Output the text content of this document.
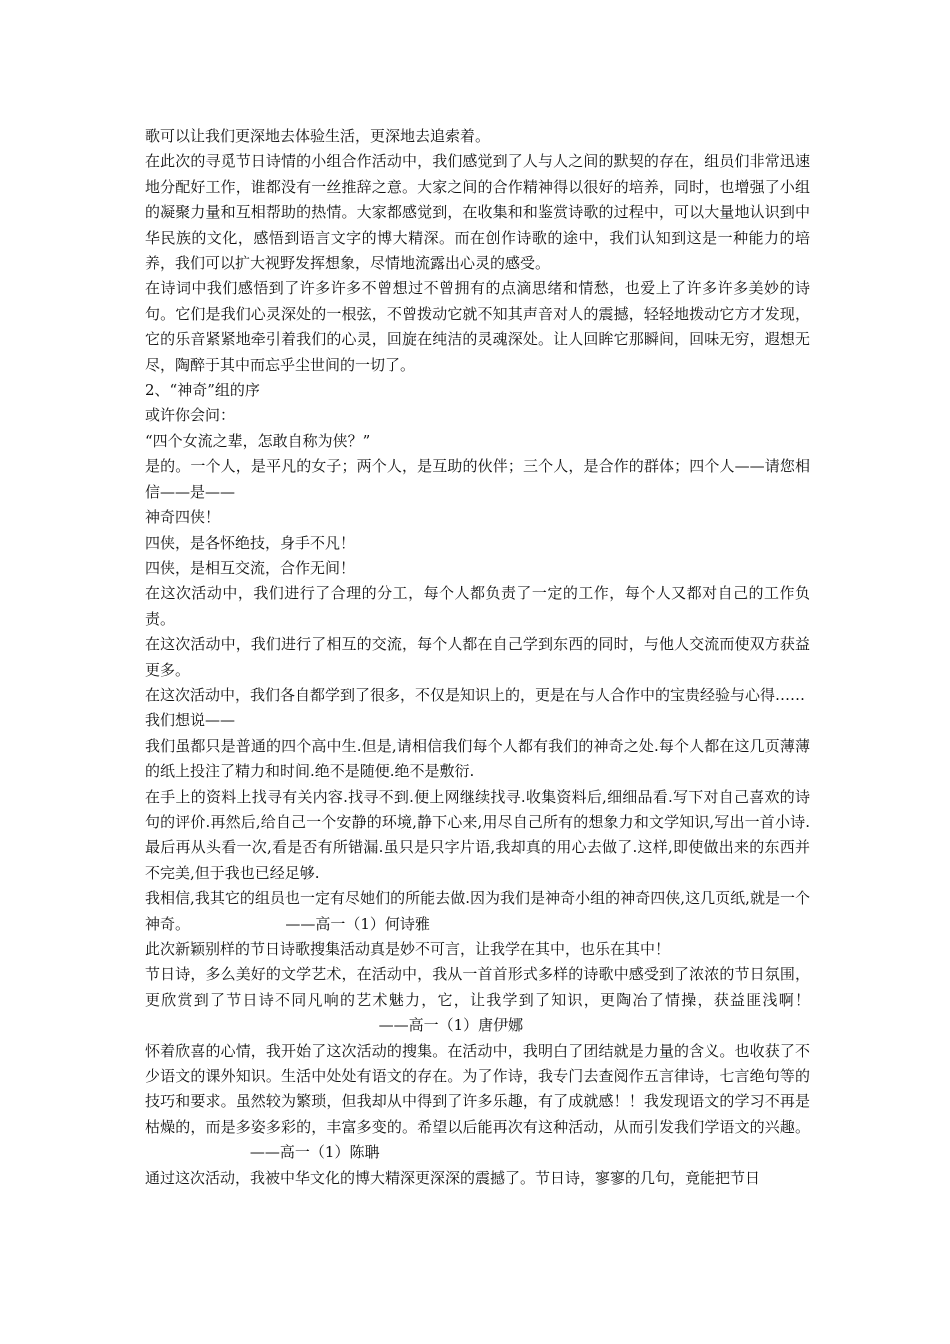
歌可以让我们更深地去体验生活，更深地去追索着。

在此次的寻觅节日诗情的小组合作活动中，我们感觉到了人与人之间的默契的存在，组员们非常迅速地分配好工作，谁都没有一丝推辞之意。大家之间的合作精神得以很好的培养，同时，也增强了小组的凝聚力量和互相帮助的热情。大家都感觉到，在收集和和鉴赏诗歌的过程中，可以大量地认识到中华民族的文化，感悟到语言文字的博大精深。而在创作诗歌的途中，我们认知到这是一种能力的培养，我们可以扩大视野发挥想象，尽情地流露出心灵的感受。

在诗词中我们感悟到了许多许多不曾想过不曾拥有的点滴思绪和情愁，也爱上了许多许多美妙的诗句。它们是我们心灵深处的一根弦，不曾拨动它就不知其声音对人的震撼，轻轻地拨动它方才发现，它的乐音紧紧地牵引着我们的心灵，回旋在纯洁的灵魂深处。让人回眸它那瞬间，回味无穷，遐想无尽，陶醉于其中而忘乎尘世间的一切了。

2、“神奇”组的序

或许你会问：

“四个女流之辈，怎敢自称为侠？”

是的。一个人，是平凡的女子；两个人，是互助的伙伴；三个人，是合作的群体；四个人——请您相信——是——

神奇四侠！

四侠，是各怀绝技，身手不凡！

四侠，是相互交流，合作无间！

在这次活动中，我们进行了合理的分工，每个人都负责了一定的工作，每个人又都对自己的工作负责。

在这次活动中，我们进行了相互的交流，每个人都在自己学到东西的同时，与他人交流而使双方获益更多。

在这次活动中，我们各自都学到了很多，不仅是知识上的，更是在与人合作中的宝贵经验与心得……

我们想说——

我们虽都只是普通的四个高中生.但是,请相信我们每个人都有我们的神奇之处.每个人都在这几页薄薄的纸上投注了精力和时间.绝不是随便.绝不是敷衍.

在手上的资料上找寻有关内容.找寻不到.便上网继续找寻.收集资料后,细细品看.写下对自己喜欢的诗句的评价.再然后,给自己一个安静的环境,静下心来,用尽自己所有的想象力和文学知识,写出一首小诗.最后再从头看一次,看是否有所错漏.虽只是只字片语,我却真的用心去做了.这样,即使做出来的东西并不完美,但于我也已经足够.

我相信,我其它的组员也一定有尽她们的所能去做.因为我们是神奇小组的神奇四侠,这几页纸,就是一个神奇。	——高一（1）何诗雅

此次新颖别样的节日诗歌搜集活动真是妙不可言，让我学在其中，也乐在其中！

节日诗，多么美好的文学艺术，在活动中，我从一首首形式多样的诗歌中感受到了浓浓的节日氛围，更欣赏到了节日诗不同凡响的艺术魅力，它，让我学到了知识，更陶冶了情操，获益匪浅啊！                                                 ——高一（1）唐伊娜

怀着欣喜的心情，我开始了这次活动的搜集。在活动中，我明白了团结就是力量的含义。也收获了不少语文的课外知识。生活中处处有语文的存在。为了作诗，我专门去查阅作五言律诗，七言绝句等的技巧和要求。虽然较为繁琐，但我却从中得到了许多乐趣，有了成就感！！我发现语文的学习不再是枯燥的，而是多姿多彩的，丰富多变的。希望以后能再次有这种活动，从而引发我们学语文的兴趣。                      ——高一（1）陈聃

通过这次活动，我被中华文化的博大精深更深深的震撼了。节日诗，寥寥的几句，竟能把节日
